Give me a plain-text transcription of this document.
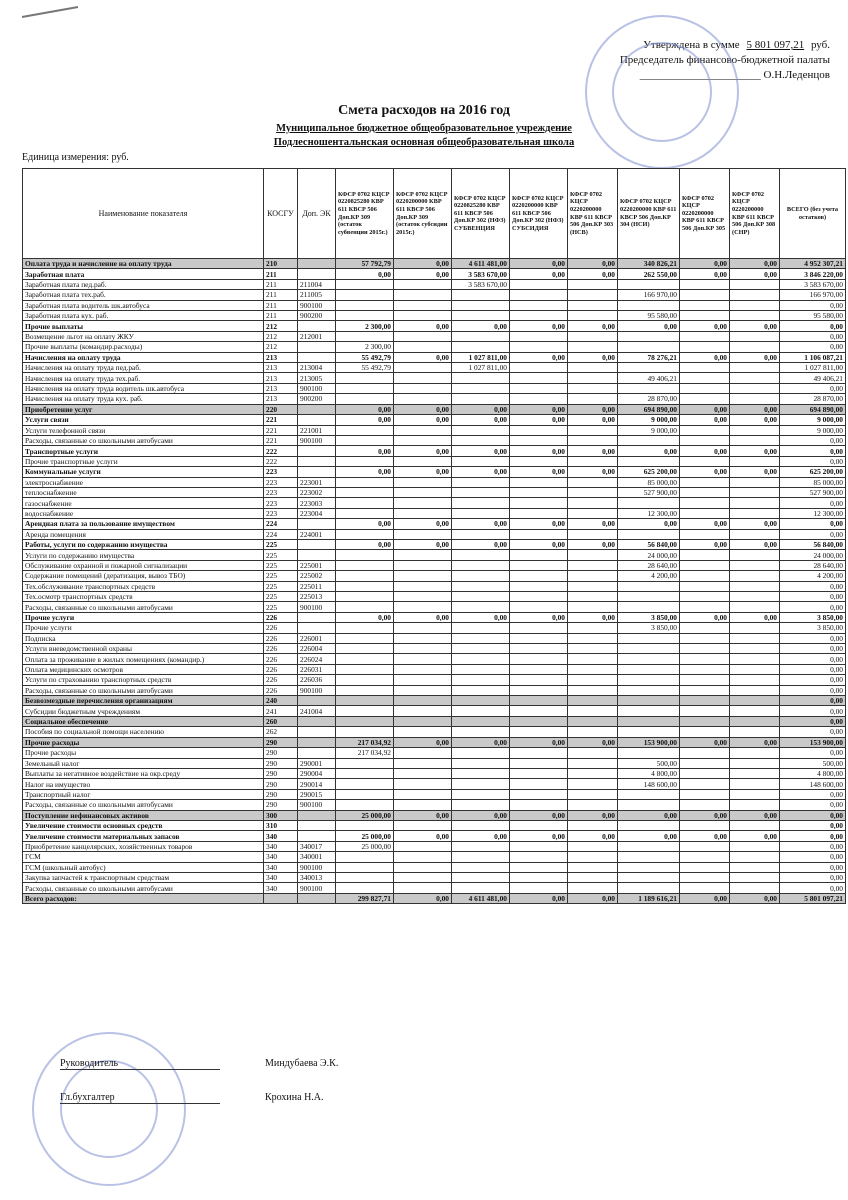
Утверждена в сумме 5 801 097,21 руб.
Председатель финансово-бюджетной палаты
______________________ О.Н.Леденцов
Смета расходов на 2016 год
Муниципальное бюджетное общеобразовательное учреждение
Подлесношентальнская основная общеобразовательная школа
Единица измерения: руб.
Наименование показателя	КОСГУ	Доп. ЭК	КФСР 0702 КЦСР 0220825280 КВР 611 КВСР 506 Доп.КР 309 (остаток субвенции 2015г.)	КФСР 0702 КЦСР 0220200000 КВР 611 КВСР 506 Доп.КР 309 (остаток субсидии 2015г.)	КФСР 0702 КЦСР 0220825280 КВР 611 КВСР 506 Доп.КР 302 (НФЗ) СУБВЕНЦИЯ	КФСР 0702 КЦСР 0220200000 КВР 611 КВСР 506 Доп.КР 302 (НФЗ) СУБСИДИЯ	КФСР 0702 КЦСР 0220200000 КВР 611 КВСР 506 Доп.КР 303 (НСВ)	КФСР 0702 КЦСР 0220200000 КВР 611 КВСР 506 Доп.КР 304 (НСИ)	КФСР 0702 КЦСР 0220200000 КВР 611 КВСР 506 Доп.КР 305	КФСР 0702 КЦСР 0220200000 КВР 611 КВСР 506 Доп.КР 308 (СНР)	ВСЕГО (без учета остатков)
Оплата труда и начисление на оплату труда	210		57 792,79	0,00	4 611 481,00	0,00	0,00	340 826,21	0,00	0,00	4 952 307,21
Заработная плата	211		0,00	0,00	3 583 670,00	0,00	0,00	262 550,00	0,00	0,00	3 846 220,00
Заработная плата пед.раб.	211	211004			3 583 670,00						3 583 670,00
Заработная плата тех.раб.	211	211005						166 970,00			166 970,00
Заработная плата водитель шк.автобуса	211	900100									0,00
Заработная плата кух. раб.	211	900200						95 580,00			95 580,00
Прочие выплаты	212		2 300,00	0,00	0,00	0,00	0,00	0,00	0,00	0,00	0,00
Возмещение льгот на оплату ЖКУ	212	212001									0,00
Прочие выплаты (командир.расходы)	212		2 300,00								0,00
Начисления на оплату труда	213		55 492,79	0,00	1 027 811,00	0,00	0,00	78 276,21	0,00	0,00	1 106 087,21
Начисления на оплату труда пед.раб.	213	213004	55 492,79		1 027 811,00						1 027 811,00
Начисления на оплату труда тех.раб.	213	213005						49 406,21			49 406,21
Начисления на оплату труда водитель шк.автобуса	213	900100									0,00
Начисления на оплату труда кух. раб.	213	900200						28 870,00			28 870,00
Приобретение услуг	220		0,00	0,00	0,00	0,00	0,00	694 890,00	0,00	0,00	694 890,00
Услуги связи	221		0,00	0,00	0,00	0,00	0,00	9 000,00	0,00	0,00	9 000,00
Услуги телефонной связи	221	221001						9 000,00			9 000,00
Расходы, связанные со школьными автобусами	221	900100									0,00
Транспортные услуги	222		0,00	0,00	0,00	0,00	0,00	0,00	0,00	0,00	0,00
Прочие транспортные услуги	222										0,00
Коммунальные услуги	223		0,00	0,00	0,00	0,00	0,00	625 200,00	0,00	0,00	625 200,00
электроснабжение	223	223001						85 000,00			85 000,00
теплоснабжение	223	223002						527 900,00			527 900,00
газоснабжение	223	223003									0,00
водоснабжение	223	223004						12 300,00			12 300,00
Арендная плата за пользование имуществом	224		0,00	0,00	0,00	0,00	0,00	0,00	0,00	0,00	0,00
Аренда помещения	224	224001									0,00
Работы, услуги по содержанию имущества	225		0,00	0,00	0,00	0,00	0,00	56 840,00	0,00	0,00	56 840,00
Услуги по содержанию имущества	225							24 000,00			24 000,00
Обслуживание охранной и пожарной сигнализации	225	225001						28 640,00			28 640,00
Содержание помещений (дератизация, вывоз ТБО)	225	225002						4 200,00			4 200,00
Тех.обслуживание транспортных средств	225	225011									0,00
Тех.осмотр транспортных средств	225	225013									0,00
Расходы, связанные со школьными автобусами	225	900100									0,00
Прочие услуги	226		0,00	0,00	0,00	0,00	0,00	3 850,00	0,00	0,00	3 850,00
Прочие услуги	226							3 850,00			3 850,00
Подписка	226	226001									0,00
Услуги вневедомственной охраны	226	226004									0,00
Оплата за проживание в жилых помещениях (командир.)	226	226024									0,00
Оплата медицинских осмотров	226	226031									0,00
Услуги по страхованию транспортных средств	226	226036									0,00
Расходы, связанные со школьными автобусами	226	900100									0,00
Безвозмездные перечисления организациям	240										0,00
Субсидии бюджетным учреждениям	241	241004									0,00
Социальное обеспечение	260										0,00
Пособия по социальной помощи населению	262										0,00
Прочие расходы	290		217 034,92	0,00	0,00	0,00	0,00	153 900,00	0,00	0,00	153 900,00
Прочие расходы	290		217 034,92								0,00
Земельный налог	290	290001						500,00			500,00
Выплаты за негативное воздействие на окр.среду	290	290004						4 800,00			4 800,00
Налог на имущество	290	290014						148 600,00			148 600,00
Транспортный налог	290	290015									0,00
Расходы, связанные со школьными автобусами	290	900100									0,00
Поступление нефинансовых активов	300		25 000,00	0,00	0,00	0,00	0,00	0,00	0,00	0,00	0,00
Увеличение стоимости основных средств	310										0,00
Увеличение стоимости материальных запасов	340		25 000,00	0,00	0,00	0,00	0,00	0,00	0,00	0,00	0,00
Приобретение канцелярских, хозяйственных товаров	340	340017	25 000,00								0,00
ГСМ	340	340001									0,00
ГСМ (школьный автобус)	340	900100									0,00
Закупка запчастей к транспортным средствам	340	340013									0,00
Расходы, связанные со школьными автобусами	340	900100									0,00
Всего расходов:			299 827,71	0,00	4 611 481,00	0,00	0,00	1 189 616,21	0,00	0,00	5 801 097,21
Руководитель	Миндубаева Э.К.
Гл.бухгалтер	Крохина Н.А.
